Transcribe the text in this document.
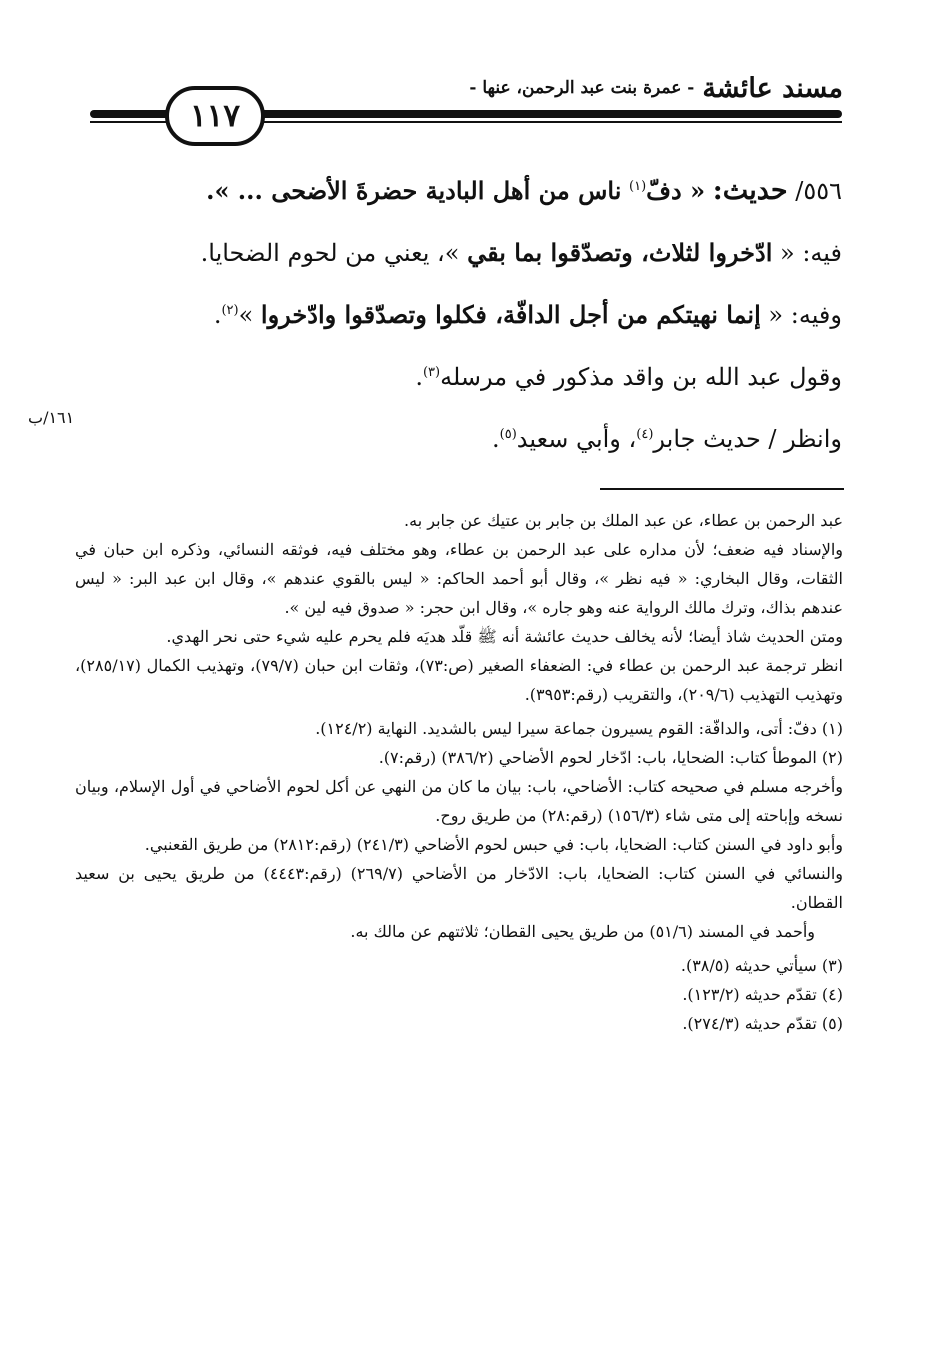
مسند عائشة
- عمرة بنت عبد الرحمن، عنها -
١١٧

٥٥٦/ حديث: « دفّ$^{(١)}$ ناس من أهل البادية حضرةَ الأضحى ... ».

فيه: « ادّخروا لثلاث، وتصدّقوا بما بقي »، يعني من لحوم الضحايا.

وفيه: « إنما نهيتكم من أجل الدافّة، فكلوا وتصدّقوا وادّخروا »$^{(٢)}$.

وقول عبد الله بن واقد مذكور في مرسله$^{(٣)}$.

وانظر / حديث جابر$^{(٤)}$، وأبي سعيد$^{(٥)}$.

١٦١/ب

عبد الرحمن بن عطاء، عن عبد الملك بن جابر بن عتيك عن جابر به.

والإسناد فيه ضعف؛ لأن مداره على عبد الرحمن بن عطاء، وهو مختلف فيه، فوثقه النسائي، وذكره ابن حبان في الثقات، وقال البخاري: « فيه نظر »، وقال أبو أحمد الحاكم: « ليس بالقوي عندهم »، وقال ابن عبد البر: « ليس عندهم بذاك، وترك مالك الرواية عنه وهو جاره »، وقال ابن حجر: « صدوق فيه لين ».

ومتن الحديث شاذ أيضا؛ لأنه يخالف حديث عائشة أنه ﷺ قلّد هديَه فلم يحرم عليه شيء حتى نحر الهدي.

انظر ترجمة عبد الرحمن بن عطاء في: الضعفاء الصغير (ص:٧٣)، وثقات ابن حبان (٧٩/٧)، وتهذيب الكمال (٢٨٥/١٧)، وتهذيب التهذيب (٢٠٩/٦)، والتقريب (رقم:٣٩٥٣).

(١) دفّ: أتى، والدافّة: القوم يسيرون جماعة سيرا ليس بالشديد. النهاية (١٢٤/٢).

(٢) الموطأ كتاب: الضحايا، باب: ادّخار لحوم الأضاحي (٣٨٦/٢) (رقم:٧).

وأخرجه مسلم في صحيحه كتاب: الأضاحي، باب: بيان ما كان من النهي عن أكل لحوم الأضاحي في أول الإسلام، وبيان نسخه وإباحته إلى متى شاء (١٥٦/٣) (رقم:٢٨) من طريق روح.

وأبو داود في السنن كتاب: الضحايا، باب: في حبس لحوم الأضاحي (٢٤١/٣) (رقم:٢٨١٢) من طريق القعنبي.

والنسائي في السنن كتاب: الضحايا، باب: الادّخار من الأضاحي (٢٦٩/٧) (رقم:٤٤٤٣) من طريق يحيى بن سعيد القطان.

وأحمد في المسند (٥١/٦) من طريق يحيى القطان؛ ثلاثتهم عن مالك به.

(٣) سيأتي حديثه (٣٨/٥).

(٤) تقدّم حديثه (١٢٣/٢).

(٥) تقدّم حديثه (٢٧٤/٣).
